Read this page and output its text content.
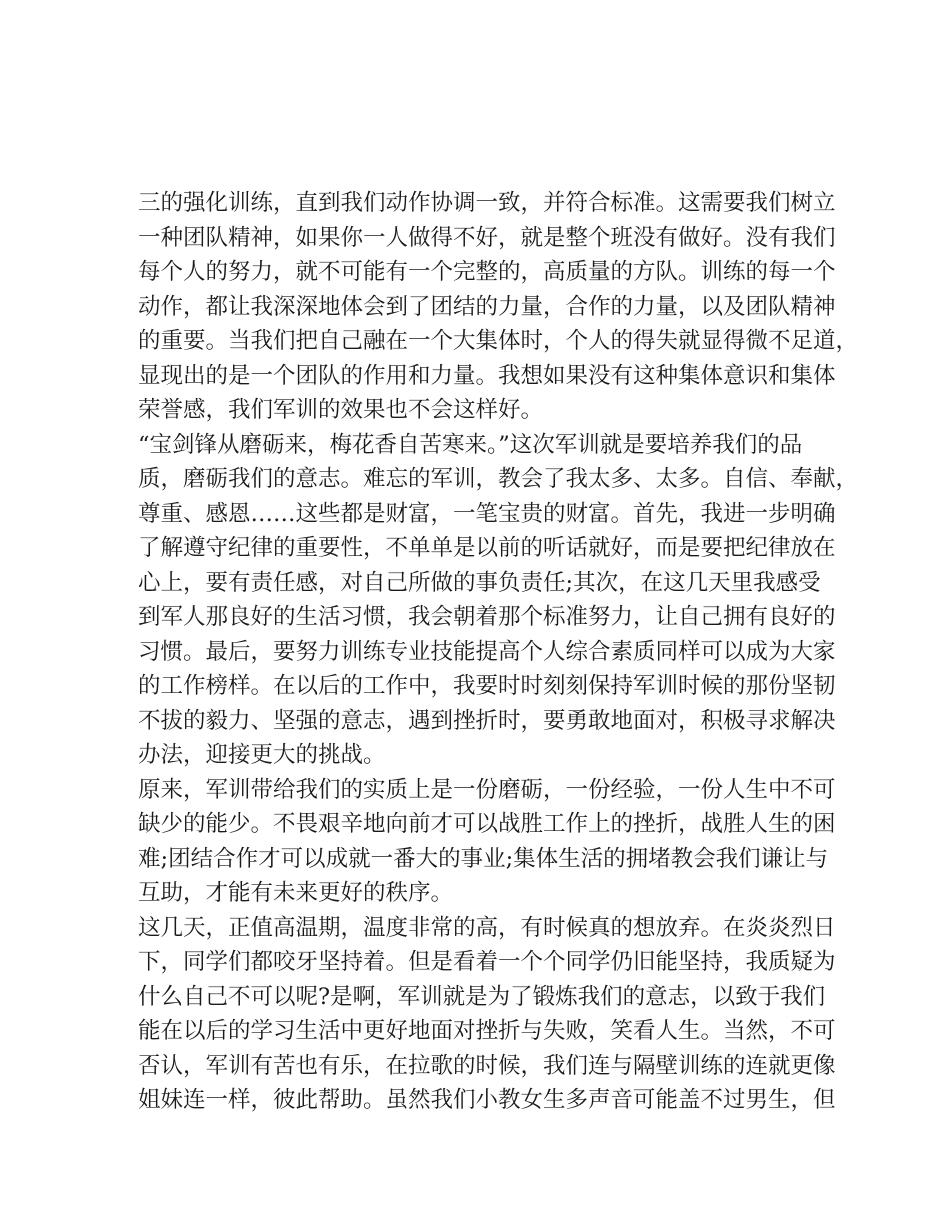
三的强化训练，直到我们动作协调一致，并符合标准。这需要我们树立
一种团队精神，如果你一人做得不好，就是整个班没有做好。没有我们
每个人的努力，就不可能有一个完整的，高质量的方队。训练的每一个
动作，都让我深深地体会到了团结的力量，合作的力量，以及团队精神
的重要。当我们把自己融在一个大集体时，个人的得失就显得微不足道，
显现出的是一个团队的作用和力量。我想如果没有这种集体意识和集体
荣誉感，我们军训的效果也不会这样好。
“宝剑锋从磨砺来，梅花香自苦寒来。”这次军训就是要培养我们的品
质，磨砺我们的意志。难忘的军训，教会了我太多、太多。自信、奉献，
尊重、感恩……这些都是财富，一笔宝贵的财富。首先，我进一步明确
了解遵守纪律的重要性，不单单是以前的听话就好，而是要把纪律放在
心上，要有责任感，对自己所做的事负责任;其次，在这几天里我感受
到军人那良好的生活习惯，我会朝着那个标准努力，让自己拥有良好的
习惯。最后，要努力训练专业技能提高个人综合素质同样可以成为大家
的工作榜样。在以后的工作中，我要时时刻刻保持军训时候的那份坚韧
不拔的毅力、坚强的意志，遇到挫折时，要勇敢地面对，积极寻求解决
办法，迎接更大的挑战。
原来，军训带给我们的实质上是一份磨砺，一份经验，一份人生中不可
缺少的能少。不畏艰辛地向前才可以战胜工作上的挫折，战胜人生的困
难;团结合作才可以成就一番大的事业;集体生活的拥堵教会我们谦让与
互助，才能有未来更好的秩序。
这几天，正值高温期，温度非常的高，有时候真的想放弃。在炎炎烈日
下，同学们都咬牙坚持着。但是看着一个个同学仍旧能坚持，我质疑为
什么自己不可以呢?是啊，军训就是为了锻炼我们的意志，以致于我们
能在以后的学习生活中更好地面对挫折与失败，笑看人生。当然，不可
否认，军训有苦也有乐，在拉歌的时候，我们连与隔壁训练的连就更像
姐妹连一样，彼此帮助。虽然我们小教女生多声音可能盖不过男生，但
